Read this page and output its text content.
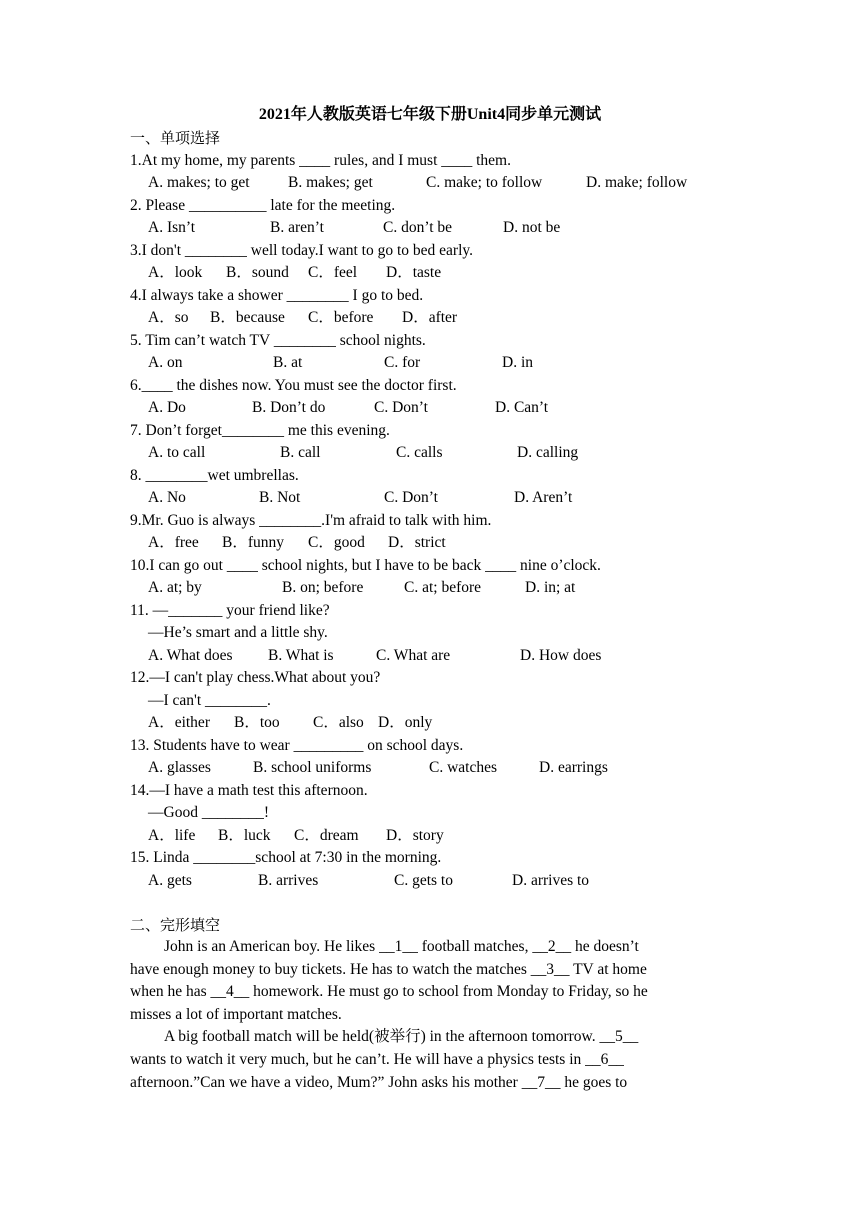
2021年人教版英语七年级下册Unit4同步单元测试
一、单项选择
1.At my home, my parents ____ rules, and I must ____ them.
A. makes; to get B. makes; get	C. make; to follow	D. make; follow
2. Please __________ late for the meeting.
A. Isn’t	B. aren’t	C. don’t be	D. not be
3.I don't ________ well today.I want to go to bed early.
A．look B．sound C．feel D．taste
4.I always take a shower ________ I go to bed.
A．so B．because C．before D．after
5. Tim can’t watch TV ________ school nights.
A. on	B. at	C. for	D. in
6.____ the dishes now. You must see the doctor first.
A. Do	B. Don’t do	C. Don’t	D. Can’t
7. Don’t forget________ me this evening.
A. to call	B. call	C. calls	D. calling
8. ________wet umbrellas.
A. No	B. Not	C. Don’t	D. Aren’t
9.Mr. Guo is always ________.I'm afraid to talk with him.
A．free B．funny C．good D．strict
10.I can go out ____ school nights, but I have to be back ____ nine o’clock.
A. at; by	B. on; before	C. at; before	D. in; at
11. —_______ your friend like?
—He’s smart and a little shy.
A. What does B. What is	C. What are	D. How does
12.—I can't play chess.What about you?
—I can't ________.
A．either B．too C．also D．only
13. Students have to wear _________ on school days.
A. glasses	B. school uniforms	C. watches	D. earrings
14.—I have a math test this afternoon.
—Good ________!
A．life B．luck C．dream D．story
15. Linda ________school at 7:30 in the morning.
A. gets	B. arrives	C. gets to	D. arrives to
二、完形填空
John is an American boy. He likes __1__ football matches, __2__ he doesn’t
have enough money to buy tickets. He has to watch the matches __3__ TV at home
when he has __4__ homework. He must go to school from Monday to Friday, so he
misses a lot of important matches.
A big football match will be held(被举行) in the afternoon tomorrow. __5__
wants to watch it very much, but he can’t. He will have a physics tests in __6__
afternoon.”Can we have a video, Mum?” John asks his mother __7__ he goes to
